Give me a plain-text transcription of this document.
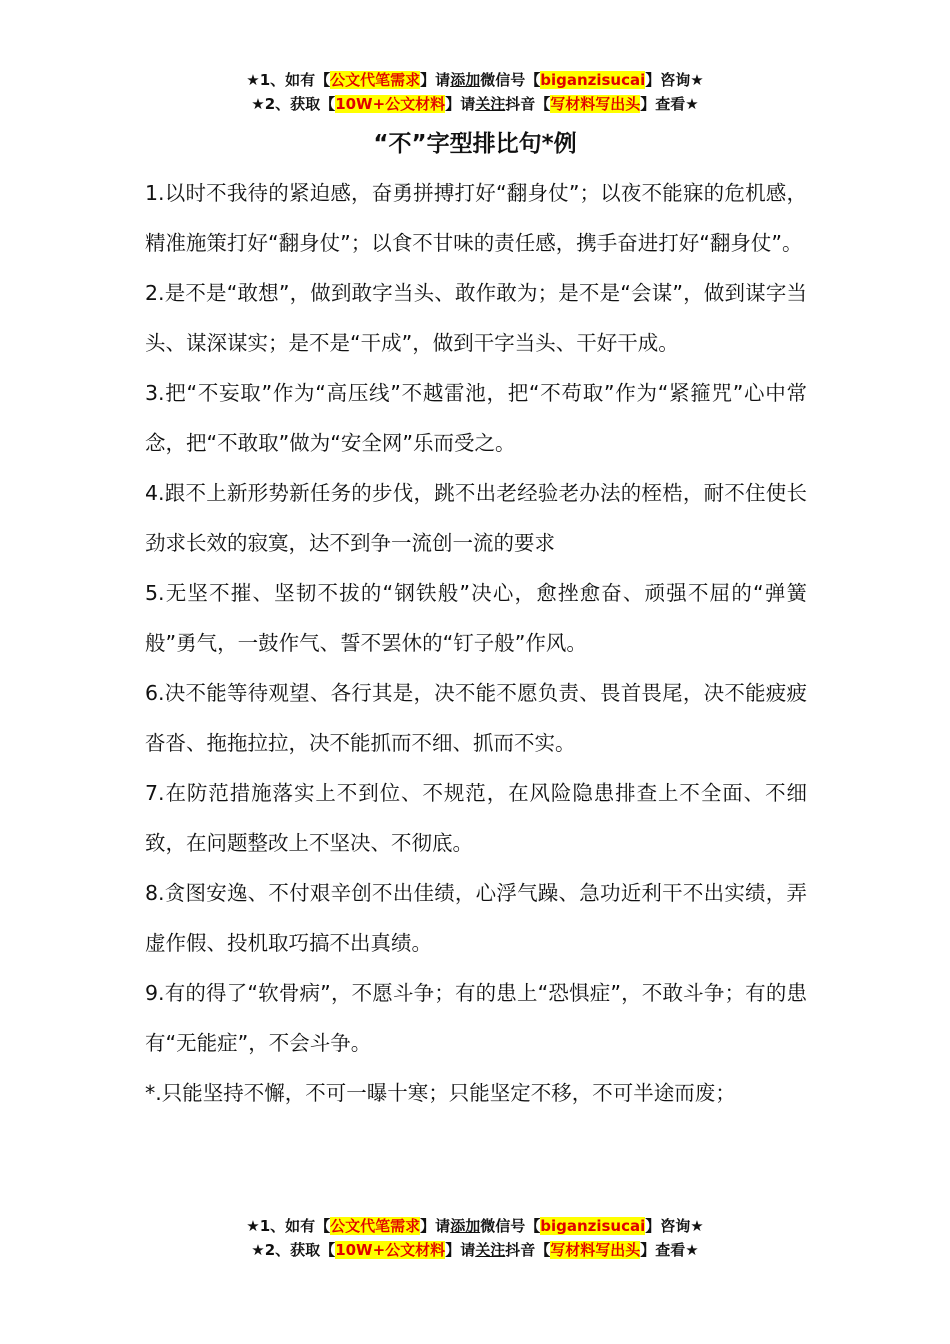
★1、如有【公文代笔需求】请添加微信号【biganzisucai】咨询★
★2、获取【10W+公文材料】请关注抖音【写材料写出头】查看★
“不”字型排比句*例

1.以时不我待的紧迫感，奋勇拼搏打好“翻身仗”；以夜不能寐的危机感，精准施策打好“翻身仗”；以食不甘味的责任感，携手奋进打好“翻身仗”。

2.是不是“敢想”，做到敢字当头、敢作敢为；是不是“会谋”，做到谋字当头、谋深谋实；是不是“干成”，做到干字当头、干好干成。

3.把“不妄取”作为“高压线”不越雷池，把“不苟取”作为“紧箍咒”心中常念，把“不敢取”做为“安全网”乐而受之。

4.跟不上新形势新任务的步伐，跳不出老经验老办法的桎梏，耐不住使长劲求长效的寂寞，达不到争一流创一流的要求

5.无坚不摧、坚韧不拔的“钢铁般”决心，愈挫愈奋、顽强不屈的“弹簧般”勇气，一鼓作气、誓不罢休的“钉子般”作风。

6.决不能等待观望、各行其是，决不能不愿负责、畏首畏尾，决不能疲疲沓沓、拖拖拉拉，决不能抓而不细、抓而不实。

7.在防范措施落实上不到位、不规范，在风险隐患排查上不全面、不细致，在问题整改上不坚决、不彻底。

8.贪图安逸、不付艰辛创不出佳绩，心浮气躁、急功近利干不出实绩，弄虚作假、投机取巧搞不出真绩。

9.有的得了“软骨病”，不愿斗争；有的患上“恐惧症”，不敢斗争；有的患有“无能症”，不会斗争。

*.只能坚持不懈，不可一曝十寒；只能坚定不移，不可半途而废；

★1、如有【公文代笔需求】请添加微信号【biganzisucai】咨询★
★2、获取【10W+公文材料】请关注抖音【写材料写出头】查看★
